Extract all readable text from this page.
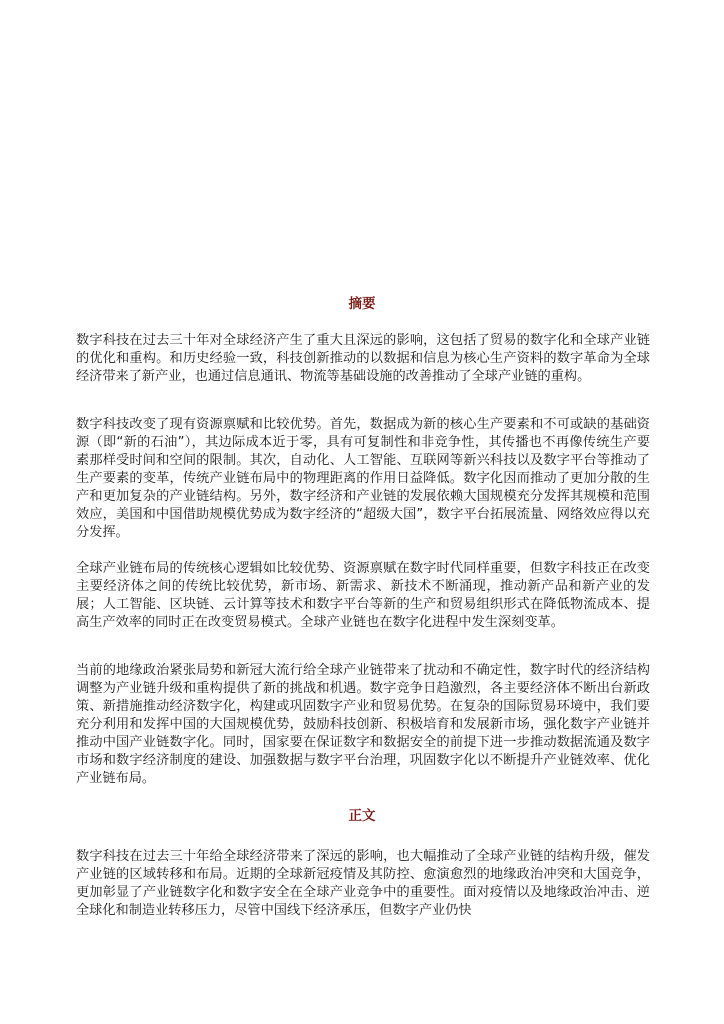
摘要

数字科技在过去三十年对全球经济产生了重大且深远的影响，这包括了贸易的数字化和全球产业链的优化和重构。和历史经验一致，科技创新推动的以数据和信息为核心生产资料的数字革命为全球经济带来了新产业，也通过信息通讯、物流等基础设施的改善推动了全球产业链的重构。

数字科技改变了现有资源禀赋和比较优势。首先，数据成为新的核心生产要素和不可或缺的基础资源（即“新的石油”），其边际成本近于零，具有可复制性和非竞争性，其传播也不再像传统生产要素那样受时间和空间的限制。其次，自动化、人工智能、互联网等新兴科技以及数字平台等推动了生产要素的变革，传统产业链布局中的物理距离的作用日益降低。数字化因而推动了更加分散的生产和更加复杂的产业链结构。另外，数字经济和产业链的发展依赖大国规模充分发挥其规模和范围效应，美国和中国借助规模优势成为数字经济的“超级大国”，数字平台拓展流量、网络效应得以充分发挥。

全球产业链布局的传统核心逻辑如比较优势、资源禀赋在数字时代同样重要，但数字科技正在改变主要经济体之间的传统比较优势，新市场、新需求、新技术不断涌现，推动新产品和新产业的发展；人工智能、区块链、云计算等技术和数字平台等新的生产和贸易组织形式在降低物流成本、提高生产效率的同时正在改变贸易模式。全球产业链也在数字化进程中发生深刻变革。

当前的地缘政治紧张局势和新冠大流行给全球产业链带来了扰动和不确定性，数字时代的经济结构调整为产业链升级和重构提供了新的挑战和机遇。数字竞争日趋激烈，各主要经济体不断出台新政策、新措施推动经济数字化，构建或巩固数字产业和贸易优势。在复杂的国际贸易环境中，我们要充分利用和发挥中国的大国规模优势，鼓励科技创新、积极培育和发展新市场，强化数字产业链并推动中国产业链数字化。同时，国家要在保证数字和数据安全的前提下进一步推动数据流通及数字市场和数字经济制度的建设、加强数据与数字平台治理，巩固数字化以不断提升产业链效率、优化产业链布局。

正文

数字科技在过去三十年给全球经济带来了深远的影响，也大幅推动了全球产业链的结构升级，催发产业链的区域转移和布局。近期的全球新冠疫情及其防控、愈演愈烈的地缘政治冲突和大国竞争，更加彰显了产业链数字化和数字安全在全球产业竞争中的重要性。面对疫情以及地缘政治冲击、逆全球化和制造业转移压力，尽管中国线下经济承压，但数字产业仍快
